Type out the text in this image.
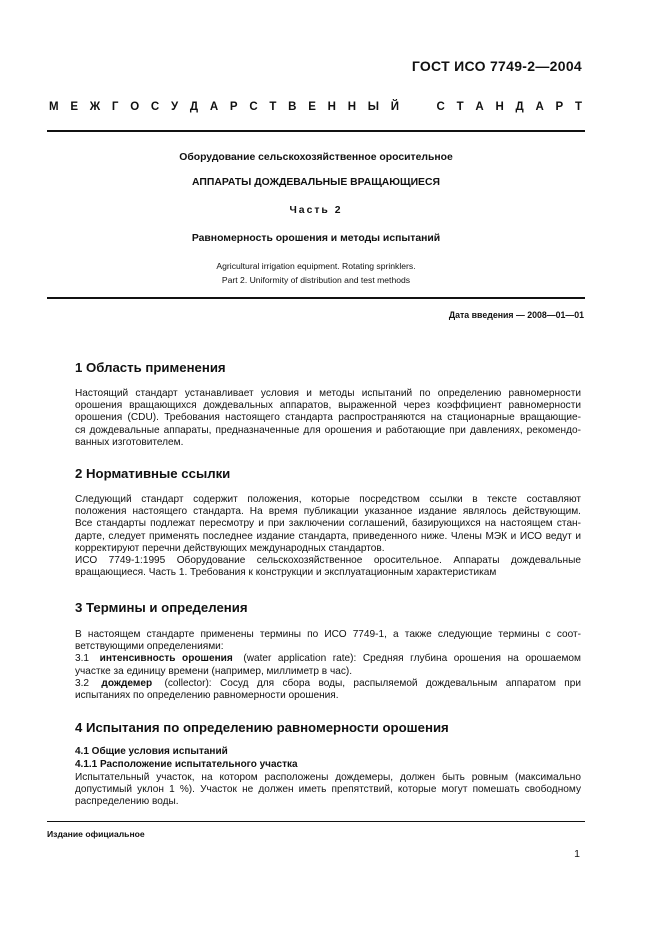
ГОСТ ИСО 7749-2—2004
М Е Ж Г О С У Д А Р С Т В Е Н Н Ы Й	С Т А Н Д А Р Т
Оборудование сельскохозяйственное оросительное
АППАРАТЫ ДОЖДЕВАЛЬНЫЕ ВРАЩАЮЩИЕСЯ
Часть 2
Равномерность орошения и методы испытаний
Agricultural irrigation equipment. Rotating sprinklers.
Part 2. Uniformity of distribution and test methods
Дата введения — 2008—01—01
1 Область применения
Настоящий стандарт устанавливает условия и методы испытаний по определению равномерности
орошения вращающихся дождевальных аппаратов, выраженной через коэффициент равномерности
орошения (CDU). Требования настоящего стандарта распространяются на стационарные вращающие-
ся дождевальные аппараты, предназначенные для орошения и работающие при давлениях, рекомендо-
ванных изготовителем.
2 Нормативные ссылки
Следующий стандарт содержит положения, которые посредством ссылки в тексте составляют
положения настоящего стандарта. На время публикации указанное издание являлось действующим.
Все стандарты подлежат пересмотру и при заключении соглашений, базирующихся на настоящем стан-
дарте, следует применять последнее издание стандарта, приведенного ниже. Члены МЭК и ИСО ведут и
корректируют перечни действующих международных стандартов.
ИСО 7749-1:1995 Оборудование сельскохозяйственное оросительное. Аппараты дождевальные
вращающиеся. Часть 1. Требования к конструкции и эксплуатационным характеристикам
3 Термины и определения
В настоящем стандарте применены термины по ИСО 7749-1, а также следующие термины с соот-
ветствующими определениями:
3.1 интенсивность орошения (water application rate): Средняя глубина орошения на орошаемом
участке за единицу времени (например, миллиметр в час).
3.2 дождемер (collector): Сосуд для сбора воды, распыляемой дождевальным аппаратом при
испытаниях по определению равномерности орошения.
4 Испытания по определению равномерности орошения
4.1 Общие условия испытаний
4.1.1 Расположение испытательного участка
Испытательный участок, на котором расположены дождемеры, должен быть ровным (максимально
допустимый уклон 1 %). Участок не должен иметь препятствий, которые могут помешать свободному
распределению воды.
Издание официальное
1
